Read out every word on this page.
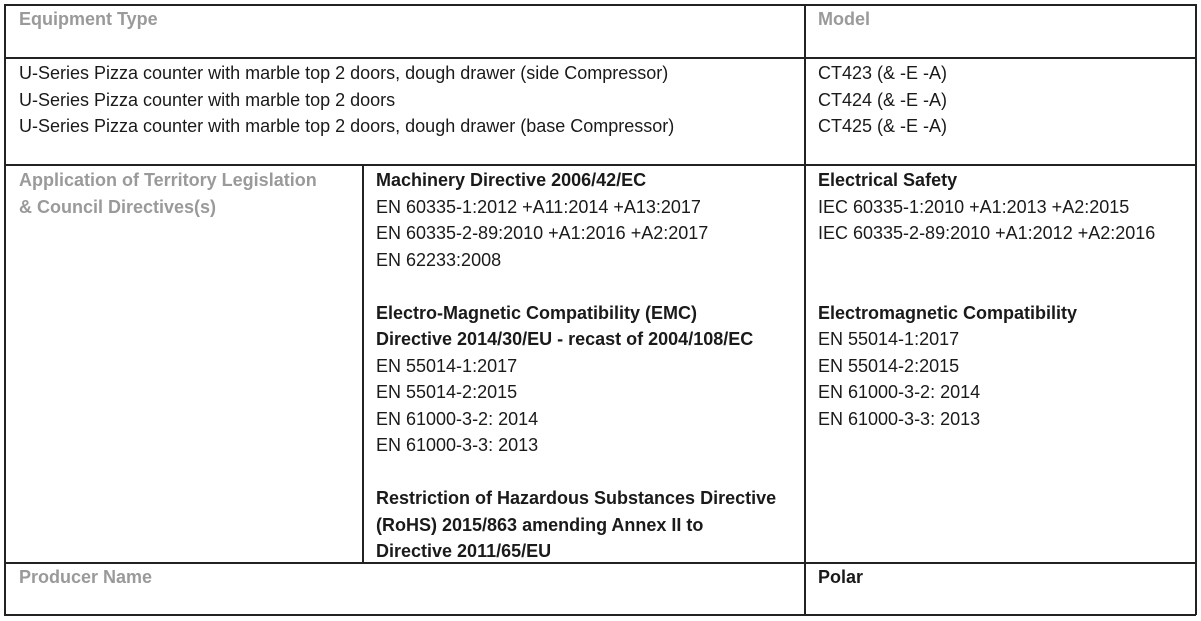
Equipment Type	Model
U-Series Pizza counter with marble top 2 doors, dough drawer (side Compressor)
U-Series Pizza counter with marble top 2 doors
U-Series Pizza counter with marble top 2 doors, dough drawer (base Compressor)
CT423 (& -E -A)
CT424 (& -E -A)
CT425 (& -E -A)
Application of Territory Legislation
& Council Directives(s)
Machinery Directive 2006/42/EC
EN 60335-1:2012 +A11:2014 +A13:2017
EN 60335-2-89:2010 +A1:2016 +A2:2017
EN 62233:2008
Electro-Magnetic Compatibility (EMC)
Directive 2014/30/EU - recast of 2004/108/EC
EN 55014-1:2017
EN 55014-2:2015
EN 61000-3-2: 2014
EN 61000-3-3: 2013
Restriction of Hazardous Substances Directive
(RoHS) 2015/863 amending Annex II to
Directive 2011/65/EU
Electrical Safety
IEC 60335-1:2010 +A1:2013 +A2:2015
IEC 60335-2-89:2010 +A1:2012 +A2:2016
Electromagnetic Compatibility
EN 55014-1:2017
EN 55014-2:2015
EN 61000-3-2: 2014
EN 61000-3-3: 2013
Producer Name	Polar
